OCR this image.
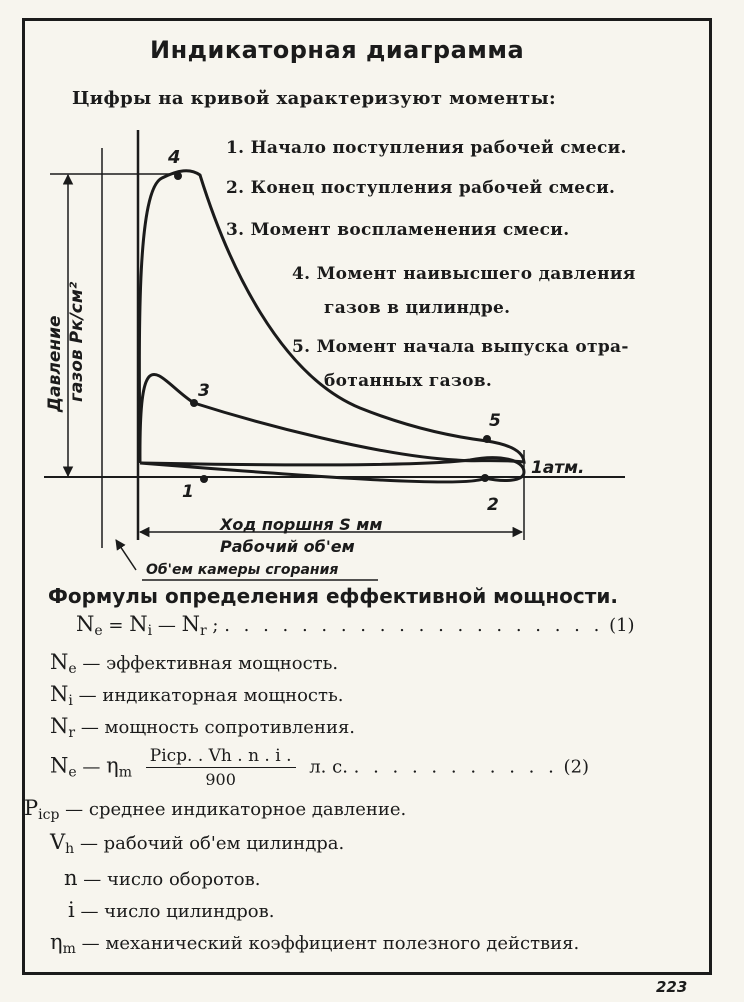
Индикаторная диаграмма
Цифры на кривой характеризуют моменты:
1. Начало поступления рабочей смеси.
2. Конец поступления рабочей смеси.
3. Момент воспламенения смеси.
4. Момент наивысшего давления
газов в цилиндре.
5. Момент начала выпуска отра-
ботанных газов.
1
2
3
4
5
1атм.
Ход поршня S мм
Рабочий об'ем
Об'ем камеры сгорания
Давление газов Рк/см²
Формулы определения еффективной мощности.
$N_e = N_i$ — $N_r$ ; . . . . . . . . . . . . . . . . . . . . (1)
$N_e$ — эффективная мощность.
$N_i$ — индикаторная мощность.
$N_r$ — мощность сопротивления.
$N_e$ — $\eta_m \frac{\text{Picp. . Vh . n . i .}}{900} л$. с. . . . . . . . . . . . (2)
$P_{icp}$ — среднее индикаторное давление.
$V_h$ — рабочий об'ем цилиндра.
n — число оборотов.
i — число цилиндров.
$\eta_m$ — механический коэффициент полезного действия.
223
